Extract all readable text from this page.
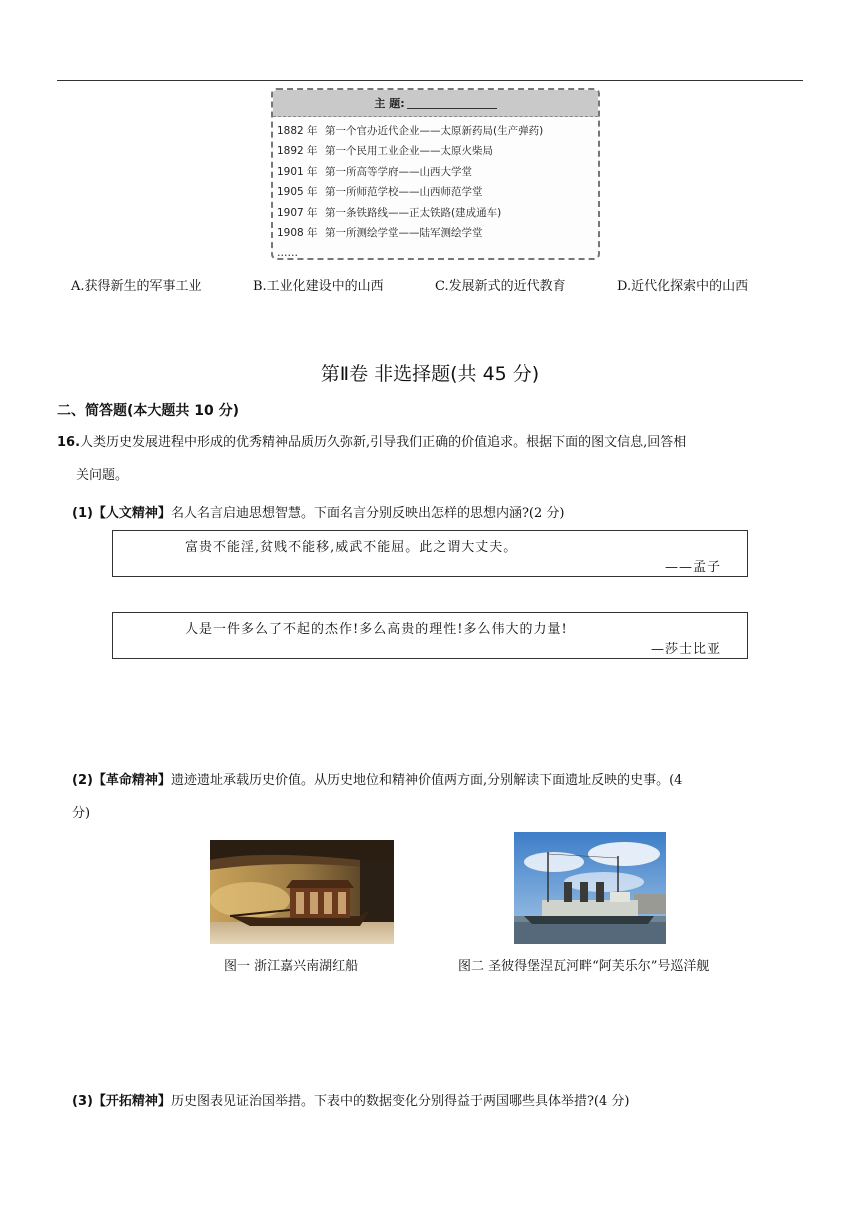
主 题:
1882 年 第一个官办近代企业——太原新药局(生产弹药)
1892 年 第一个民用工业企业——太原火柴局
1901 年 第一所高等学府——山西大学堂
1905 年 第一所师范学校——山西师范学堂
1907 年 第一条铁路线——正太铁路(建成通车)
1908 年 第一所测绘学堂——陆军测绘学堂
……
A.获得新生的军事工业	B.工业化建设中的山西	C.发展新式的近代教育	D.近代化探索中的山西
第Ⅱ卷 非选择题(共 45 分)
二、简答题(本大题共 10 分)
16.人类历史发展进程中形成的优秀精神品质历久弥新,引导我们正确的价值追求。根据下面的图文信息,回答相
关问题。
(1)【人文精神】名人名言启迪思想智慧。下面名言分别反映出怎样的思想内涵?(2 分)
富贵不能淫,贫贱不能移,威武不能屈。此之谓大丈夫。
——孟子
人是一件多么了不起的杰作!多么高贵的理性!多么伟大的力量!
—莎士比亚
(2)【革命精神】遗迹遗址承载历史价值。从历史地位和精神价值两方面,分别解读下面遗址反映的史事。(4
分)
图一 浙江嘉兴南湖红船	图二 圣彼得堡涅瓦河畔“阿芙乐尔”号巡洋舰
(3)【开拓精神】历史图表见证治国举措。下表中的数据变化分别得益于两国哪些具体举措?(4 分)
